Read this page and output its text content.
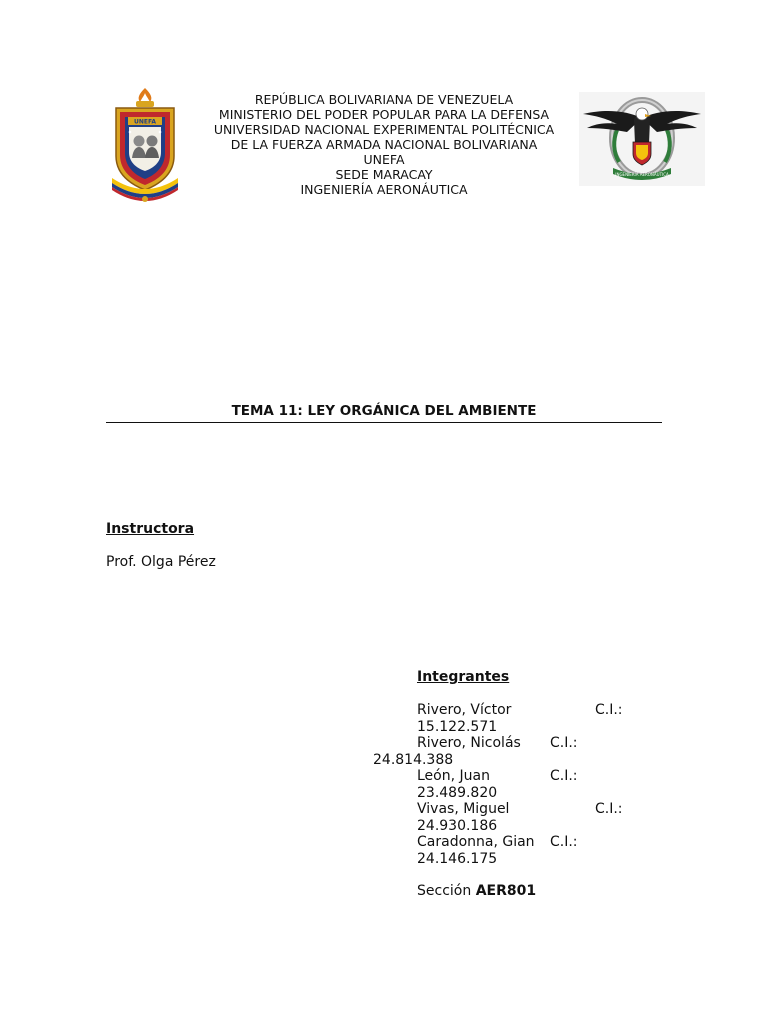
UNEFA
REPÚBLICA BOLIVARIANA DE VENEZUELA
MINISTERIO DEL PODER POPULAR PARA LA DEFENSA
UNIVERSIDAD NACIONAL EXPERIMENTAL POLITÉCNICA
DE LA FUERZA ARMADA NACIONAL BOLIVARIANA
UNEFA
SEDE MARACAY
INGENIERÍA AERONÁUTICA
INGENIERÍA AERONÁUTICA
TEMA 11: LEY ORGÁNICA DEL AMBIENTE
Instructora
Prof. Olga Pérez
Integrantes
Rivero, Víctor	C.I.:
15.122.571
Rivero, Nicolás C.I.:
24.814.388
León, Juan	C.I.:
23.489.820
Vivas, Miguel	C.I.:
24.930.186
Caradonna, Gian C.I.:
24.146.175
Sección AER801
